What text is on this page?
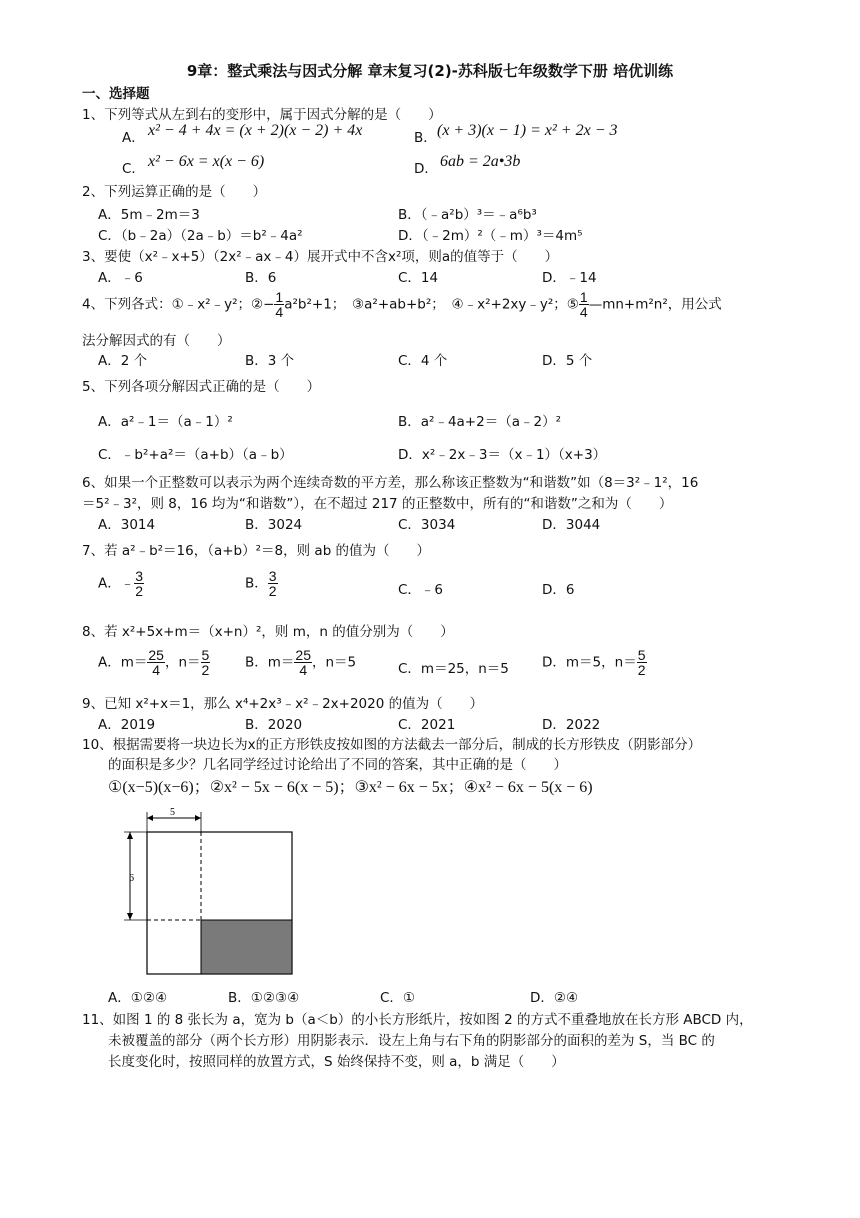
9章：整式乘法与因式分解 章末复习(2)-苏科版七年级数学下册 培优训练
一、选择题
1、下列等式从左到右的变形中，属于因式分解的是（　　）
A． x² − 4 + 4x = (x + 2)(x − 2) + 4x	B． (x + 3)(x − 1) = x² + 2x − 3
C． x² − 6x = x(x − 6)	D． 6ab = 2a•3b
2、下列运算正确的是（　　）
A．5m﹣2m＝3	B．（﹣a²b）³＝﹣a⁶b³
C．（b﹣2a）（2a﹣b）＝b²﹣4a²	D．（﹣2m）²（﹣m）³＝4m⁵
3、要使（x²﹣x+5）（2x²﹣ax﹣4）展开式中不含x²项，则a的值等于（　　）
A．﹣6	B．6	C．14	D．﹣14
4、下列各式：①﹣x²﹣y²；②− $\frac{1}{4} a^2b^2+1$；　③a²+ab+b²；　④﹣x²+2xy﹣y²；⑤ $\frac{1}{4}$ —mn+m²n²，用公式
法分解因式的有（　　）
A．2 个	B．3 个	C．4 个	D．5 个
5、下列各项分解因式正确的是（　　）
A．a²﹣1＝（a﹣1）²	B．a²﹣4a+2＝（a﹣2）²
C．﹣b²+a²＝（a+b）（a﹣b）	D．x²﹣2x﹣3＝（x﹣1）（x+3）
6、如果一个正整数可以表示为两个连续奇数的平方差，那么称该正整数为“和谐数”如（8＝3²﹣1²，16
＝5²﹣3²，则 8，16 均为“和谐数”），在不超过 217 的正整数中，所有的“和谐数”之和为（　　）
A．3014	B．3024	C．3034	D．3044
7、若 a²﹣b²＝16，（a+b）²＝8，则 ab 的值为（　　）
A．﹣ $\frac{3}{2}$	B． $\frac{3}{2}$	C．﹣6	D．6
8、若 x²+5x+m＝（x+n）²，则 m，n 的值分别为（　　）
A．$m= \frac{25}{4}$ ，$n= \frac{5}{2}$	B．$m= \frac{25}{4}$ ，n＝5	C．m＝25，n＝5 D．m＝5，$n= \frac{5}{2}$
9、已知 x²+x＝1，那么 x⁴+2x³﹣x²﹣2x+2020 的值为（　　）
A．2019	B．2020	C．2021	D．2022
10、根据需要将一块边长为x的正方形铁皮按如图的方法截去一部分后，制成的长方形铁皮（阴影部分）
的面积是多少？几名同学经过讨论给出了不同的答案，其中正确的是（　　）
①(x−5)(x−6)；②x² − 5x − 6(x − 5)；③x² − 6x − 5x；④x² − 6x − 5(x − 6)
5
6
A．①②④	B．①②③④	C．①	D．②④
11、如图 1 的 8 张长为 a，宽为 b（a＜b）的小长方形纸片，按如图 2 的方式不重叠地放在长方形 ABCD 内，
未被覆盖的部分（两个长方形）用阴影表示．设左上角与右下角的阴影部分的面积的差为 S，当 BC 的
长度变化时，按照同样的放置方式，S 始终保持不变，则 a，b 满足（　　）
